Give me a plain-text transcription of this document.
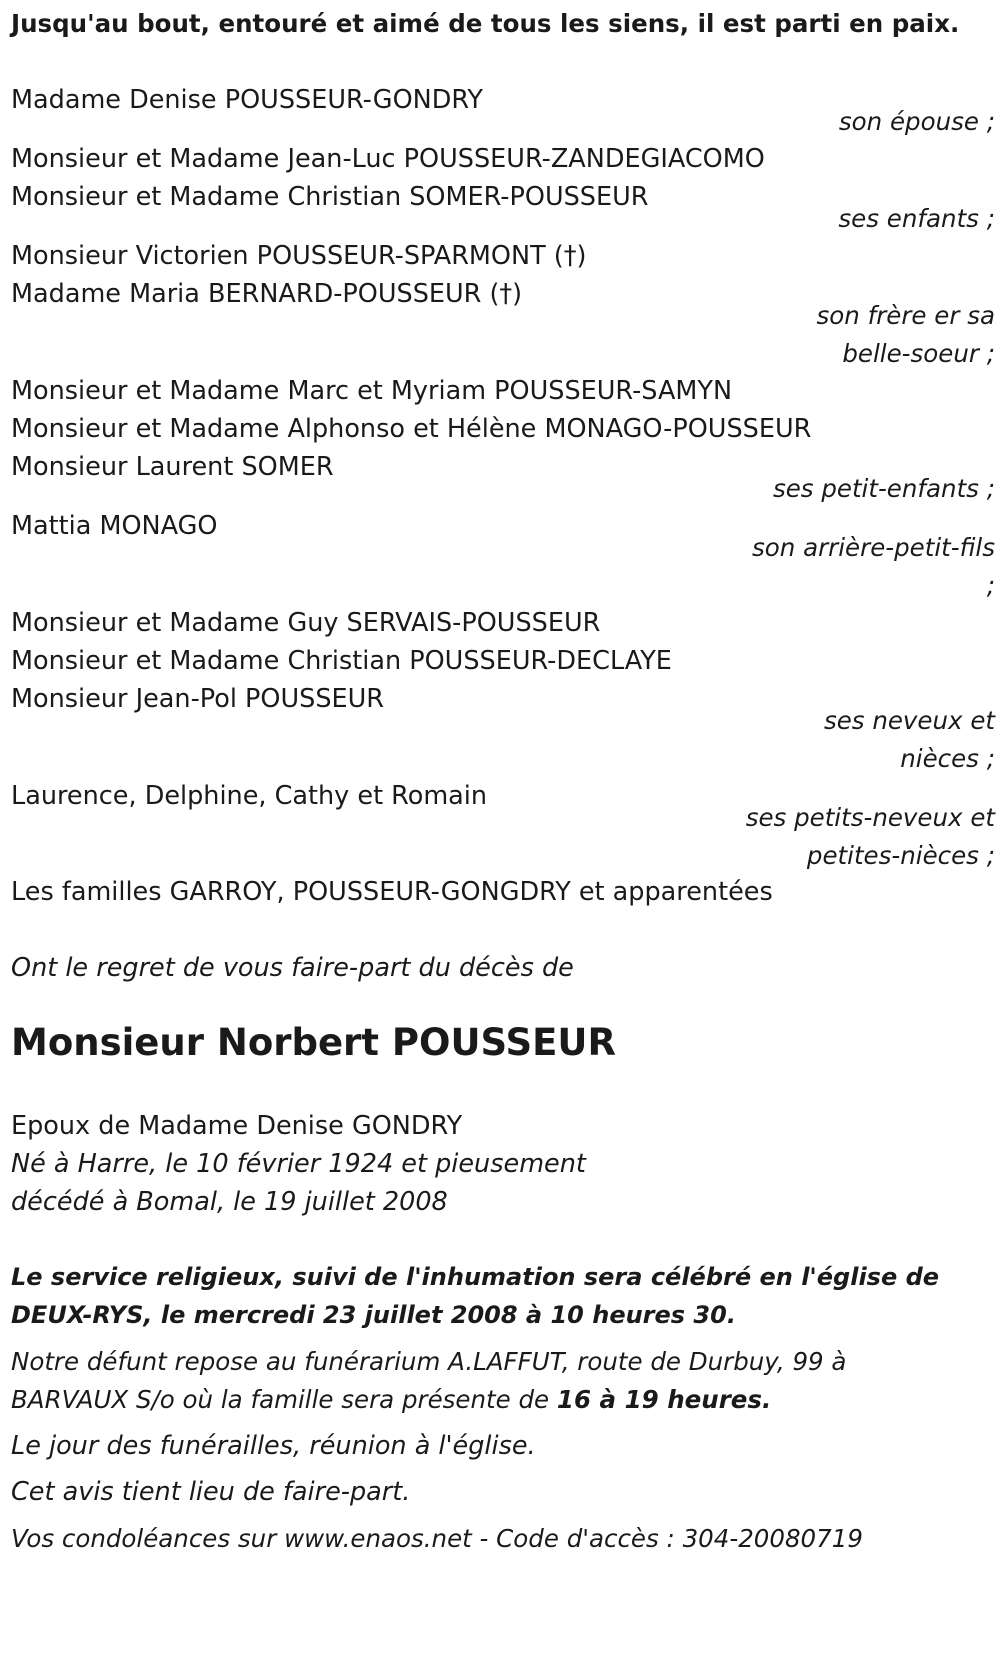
Jusqu'au bout, entouré et aimé de tous les siens, il est parti en paix.
Madame Denise POUSSEUR-GONDRY
son épouse ;
Monsieur et Madame Jean-Luc POUSSEUR-ZANDEGIACOMO
Monsieur et Madame Christian SOMER-POUSSEUR
ses enfants ;
Monsieur Victorien POUSSEUR-SPARMONT (†)
Madame Maria BERNARD-POUSSEUR (†)
son frère er sa
belle-soeur ;
Monsieur et Madame Marc et Myriam POUSSEUR-SAMYN
Monsieur et Madame Alphonso et Hélène MONAGO-POUSSEUR
Monsieur Laurent SOMER
ses petit-enfants ;
Mattia MONAGO
son arrière-petit-fils
;
Monsieur et Madame Guy SERVAIS-POUSSEUR
Monsieur et Madame Christian POUSSEUR-DECLAYE
Monsieur Jean-Pol POUSSEUR
ses neveux et
nièces ;
Laurence, Delphine, Cathy et Romain
ses petits-neveux et
petites-nièces ;
Les familles GARROY, POUSSEUR-GONGDRY et apparentées
Ont le regret de vous faire-part du décès de
Monsieur Norbert POUSSEUR
Epoux de Madame Denise GONDRY
Né à Harre, le 10 février 1924 et pieusement
décédé à Bomal, le 19 juillet 2008
Le service religieux, suivi de l'inhumation sera célébré en l'église de
DEUX-RYS, le mercredi 23 juillet 2008 à 10 heures 30.
Notre défunt repose au funérarium A.LAFFUT, route de Durbuy, 99 à
BARVAUX S/o où la famille sera présente de 16 à 19 heures.
Le jour des funérailles, réunion à l'église.
Cet avis tient lieu de faire-part.
Vos condoléances sur www.enaos.net - Code d'accès : 304-20080719
